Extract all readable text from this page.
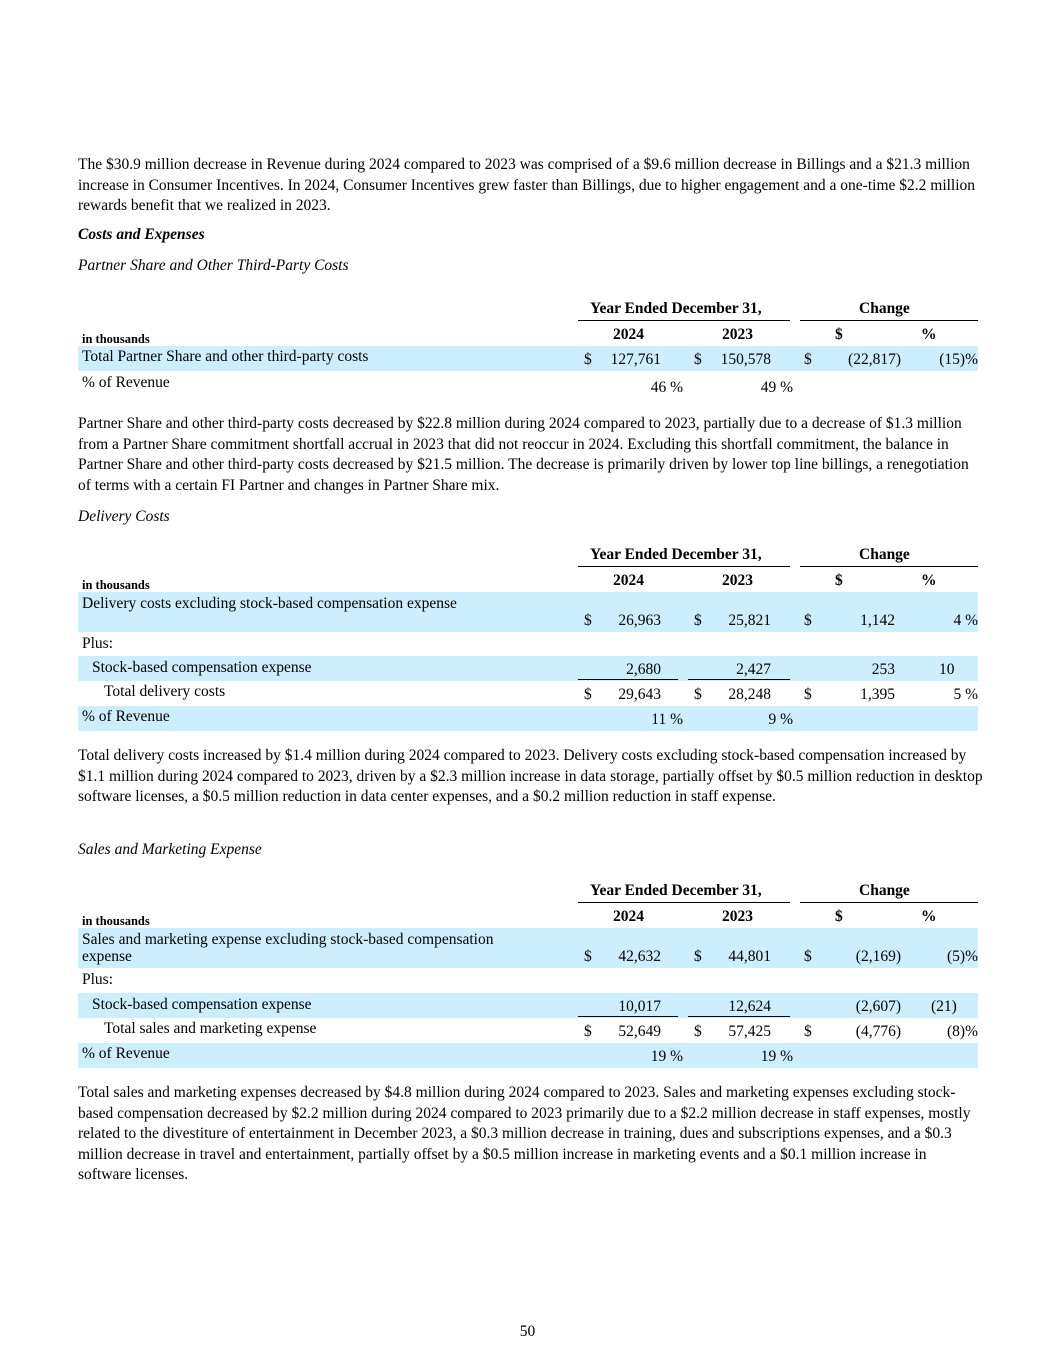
The $30.9 million decrease in Revenue during 2024 compared to 2023 was comprised of a $9.6 million decrease in Billings and a $21.3 million increase in Consumer Incentives. In 2024, Consumer Incentives grew faster than Billings, due to higher engagement and a one-time $2.2 million rewards benefit that we realized in 2023.

Costs and Expenses

Partner Share and Other Third-Party Costs

Year Ended December 31,	Change
in thousands	2024	2023	$	%
Total Partner Share and other third-party costs	$	127,761 $	150,578 $	(22,817)	(15)%
% of Revenue	46 %	49 %

Partner Share and other third-party costs decreased by $22.8 million during 2024 compared to 2023, partially due to a decrease of $1.3 million from a Partner Share commitment shortfall accrual in 2023 that did not reoccur in 2024. Excluding this shortfall commitment, the balance in Partner Share and other third-party costs decreased by $21.5 million. The decrease is primarily driven by lower top line billings, a renegotiation of terms with a certain FI Partner and changes in Partner Share mix.

Delivery Costs

Year Ended December 31,	Change
in thousands	2024	2023	$	%
Delivery costs excluding stock-based compensation expense
$	26,963 $	25,821 $	1,142	4 %
Plus:
Stock-based compensation expense	2,680	2,427	253	10
Total delivery costs	$	29,643 $	28,248 $	1,395	5 %
% of Revenue	11 %	9 %

Total delivery costs increased by $1.4 million during 2024 compared to 2023. Delivery costs excluding stock-based compensation increased by $1.1 million during 2024 compared to 2023, driven by a $2.3 million increase in data storage, partially offset by $0.5 million reduction in desktop software licenses, a $0.5 million reduction in data center expenses, and a $0.2 million reduction in staff expense.

Sales and Marketing Expense

Year Ended December 31,	Change
in thousands	2024	2023	$	%
Sales and marketing expense excluding stock-based compensation
expense	$	42,632 $	44,801 $	(2,169)	(5)%
Plus:
Stock-based compensation expense	10,017	12,624	(2,607) (21)
Total sales and marketing expense	$	52,649 $	57,425 $	(4,776)	(8)%
% of Revenue	19 %	19 %

Total sales and marketing expenses decreased by $4.8 million during 2024 compared to 2023. Sales and marketing expenses excluding stock-based compensation decreased by $2.2 million during 2024 compared to 2023 primarily due to a $2.2 million decrease in staff expenses, mostly related to the divestiture of entertainment in December 2023, a $0.3 million decrease in training, dues and subscriptions expenses, and a $0.3 million decrease in travel and entertainment, partially offset by a $0.5 million increase in marketing events and a $0.1 million increase in software licenses.

50
